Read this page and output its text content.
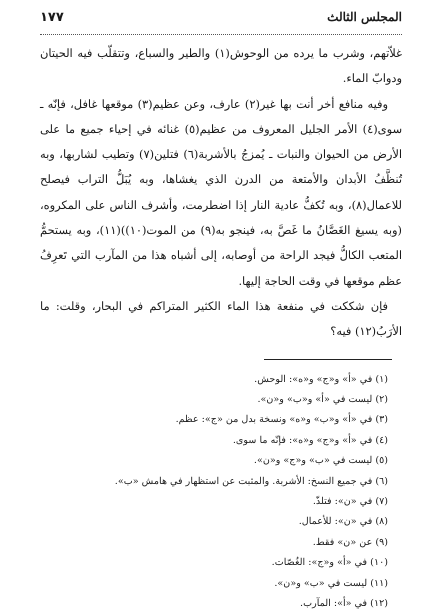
المجلس الثالث
١٧٧

غلاّتهم، وشرب ما يرده من الوحوش(١) والطير والسباع، وتتقلّب فيه الحيتان ودوابّ الماء.

وفيه منافع أخر أنت بها غير(٢) عارف، وعن عظيم(٣) موقعها غافل، فإنّه ـ سوى(٤) الأمر الجليل المعروف من عظيم(٥) غنائه في إحياء جميع ما على الأرض من الحيوان والنبات ـ يُمزجُ بالأشربة(٦) فتلين(٧) وتطيب لشاربها، وبه تُنظَّفُ الأبدان والأمتعة من الدرن الذي يغشاها، وبه يُبَلُّ التراب فيصلح للاعمال(٨)، وبه تُكفُّ عادية النار إذا اضطرمت، وأشرف الناس على المكروه، (وبه يسيغ الغَصَّانُ ما غَصَّ به، فينجو به(٩) من الموت(١٠))(١١)، وبه يستحمُّ المتعب الكالُّ فيجد الراحة من أوصابه، إلى أشباه هذا من المآرب التي تَعرِفُ عظم موقعها في وقت الحاجة إليها.

فإن شككت في منفعة هذا الماء الكثير المتراكم في البحار، وقلت: ما الأرَبُ(١٢) فيه؟

(١) في «أ» و«ج» و«ه»: الوحش.
(٢) ليست في «أ» و«ب» و«ن».
(٣) في «أ» و«ب» و«ه» ونسخة بدل من «ج»: عظم.
(٤) في «أ» و«ج» و«ه»: فإنّه ما سوى.
(٥) ليست في «ب» و«ج» و«ن».
(٦) في جميع النسخ: الأشربة. والمثبت عن استظهار في هامش «ب».
(٧) في «ن»: فتلذّ.
(٨) في «ن»: للأعمال.
(٩) عن «ن» فقط.
(١٠) في «أ» و«ج»: الغُصّات.
(١١) ليست في «ب» و«ن».
(١٢) في «أ»: المآرب.
